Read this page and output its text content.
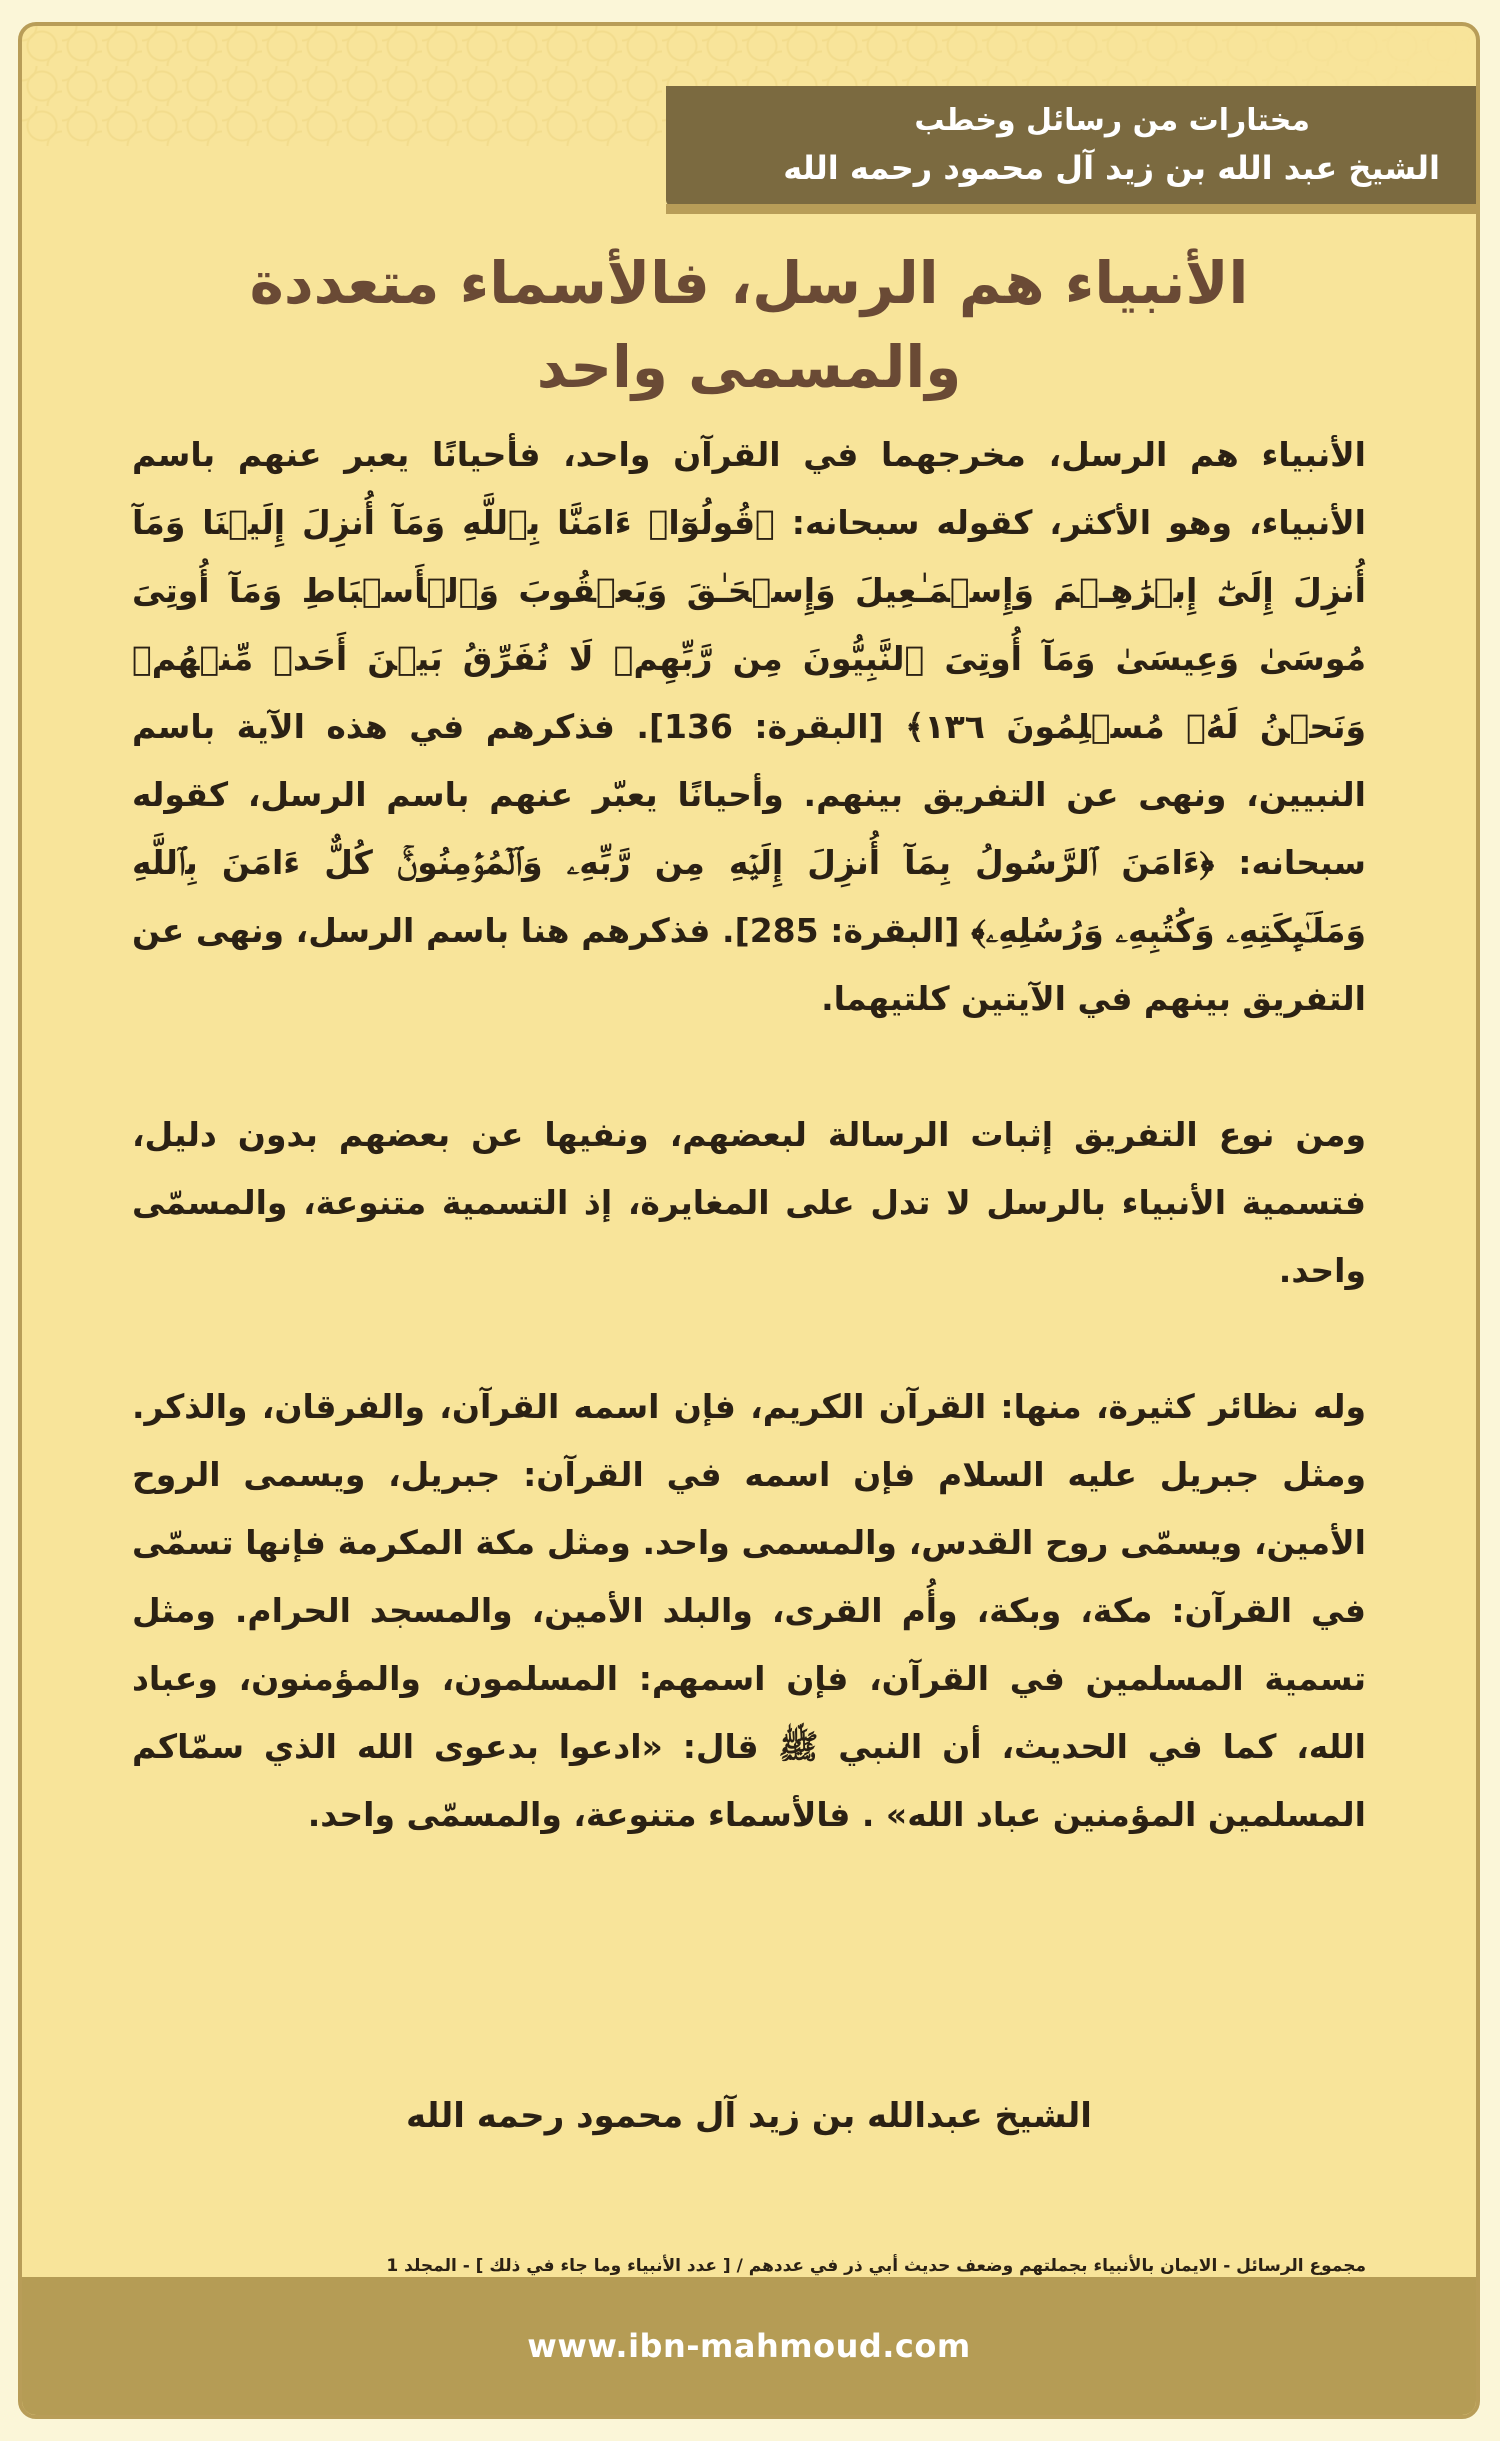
مختارات من رسائل وخطب
الشيخ عبد الله بن زيد آل محمود رحمه الله
الأنبياء هم الرسل، فالأسماء متعددة والمسمى واحد

الأنبياء هم الرسل، مخرجهما في القرآن واحد، فأحيانًا يعبر عنهم باسم الأنبياء، وهو الأكثر، كقوله سبحانه: ﴿قُولُوٓا۟ ءَامَنَّا بِٱللَّهِ وَمَآ أُنزِلَ إِلَيۡنَا وَمَآ أُنزِلَ إِلَىٰٓ إِبۡرَٰهِـۧمَ وَإِسۡمَـٰعِیلَ وَإِسۡحَـٰقَ وَیَعۡقُوبَ وَٱلۡأَسۡبَاطِ وَمَآ أُوتِیَ مُوسَىٰ وَعِیسَىٰ وَمَآ أُوتِیَ ٱلنَّبِیُّونَ مِن رَّبِّهِمۡ لَا نُفَرِّقُ بَیۡنَ أَحَدࣲ مِّنۡهُمۡ وَنَحۡنُ لَهُۥ مُسۡلِمُونَ ١٣٦﴾ [البقرة: 136]. فذكرهم في هذه الآية باسم النبيين، ونهى عن التفريق بينهم. وأحيانًا يعبّر عنهم باسم الرسل، كقوله سبحانه: ﴿ءَامَنَ ٱلرَّسُولُ بِمَآ أُنزِلَ إِلَیۡهِ مِن رَّبِّهِۦ وَٱلۡمُؤۡمِنُونَۚ كُلٌّ ءَامَنَ بِٱللَّهِ وَمَلَـٰۤىِٕكَتِهِۦ وَكُتُبِهِۦ وَرُسُلِهِۦ﴾ [البقرة: 285]. فذكرهم هنا باسم الرسل، ونهى عن التفريق بينهم في الآيتين كلتيهما.

ومن نوع التفريق إثبات الرسالة لبعضهم، ونفيها عن بعضهم بدون دليل، فتسمية الأنبياء بالرسل لا تدل على المغايرة، إذ التسمية متنوعة، والمسمّى واحد.

وله نظائر كثيرة، منها: القرآن الكريم، فإن اسمه القرآن، والفرقان، والذكر. ومثل جبريل عليه السلام فإن اسمه في القرآن: جبريل، ويسمى الروح الأمين، ويسمّى روح القدس، والمسمى واحد. ومثل مكة المكرمة فإنها تسمّى في القرآن: مكة، وبكة، وأُم القرى، والبلد الأمين، والمسجد الحرام. ومثل تسمية المسلمين في القرآن، فإن اسمهم: المسلمون، والمؤمنون، وعباد الله، كما في الحديث، أن النبي ﷺ قال: «ادعوا بدعوى الله الذي سمّاكم المسلمين المؤمنين عباد الله» . فالأسماء متنوعة، والمسمّى واحد.

الشيخ عبدالله بن زيد آل محمود رحمه الله
مجموع الرسائل - الايمان بالأنبياء بجملتهم وضعف حديث أبي ذر في عددهم / [ عدد الأنبياء وما جاء في ذلك ] - المجلد 1
www.ibn-mahmoud.com
